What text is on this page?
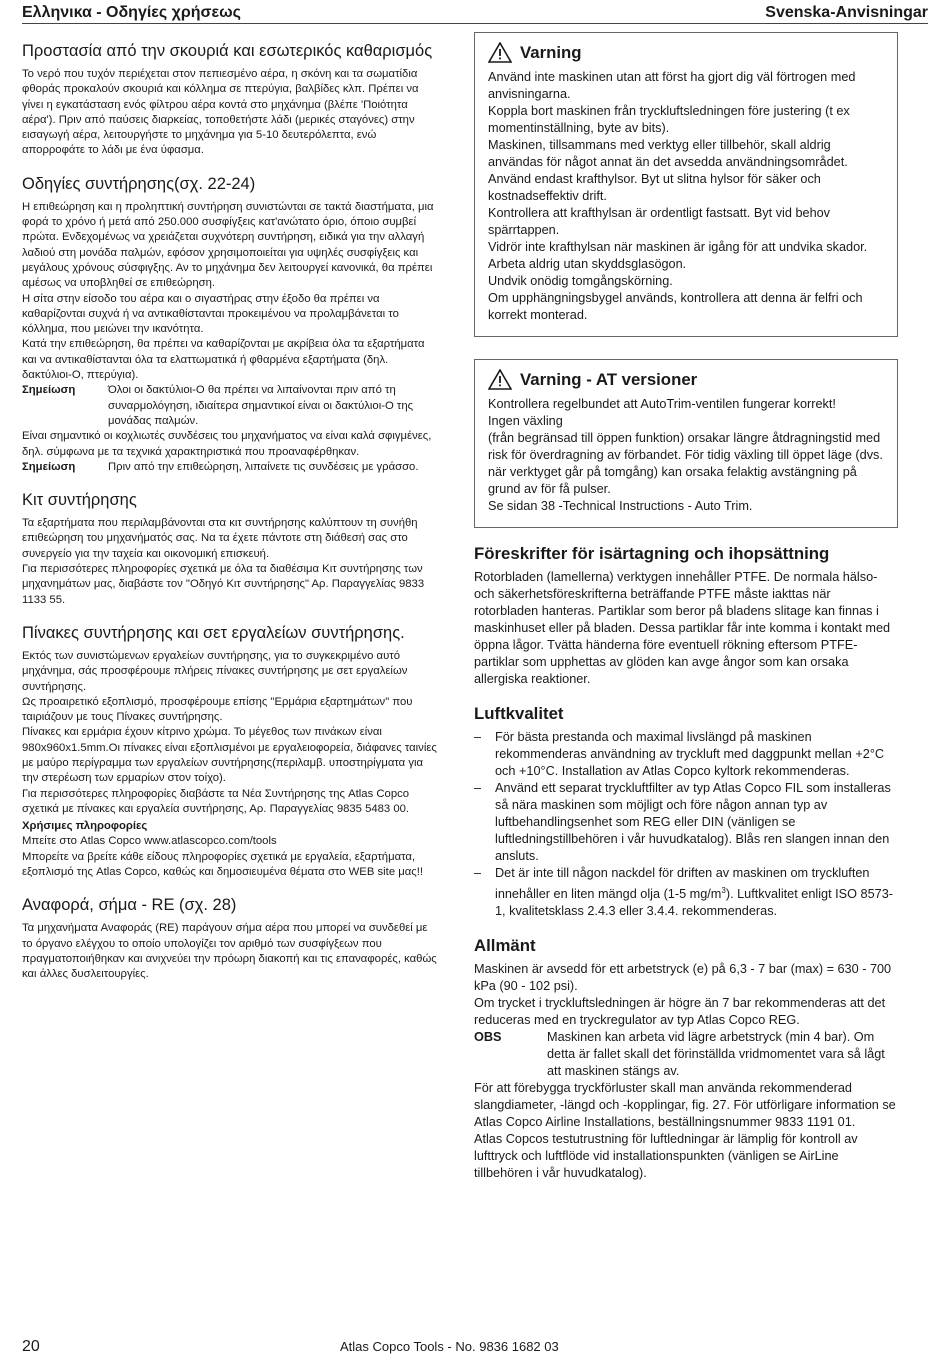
Ελληνικα - Οδηγίες χρήσεως	Svenska-Anvisningar
Προστασία από την σκουριά και εσωτερικός καθαρισμός

Το νερό που τυχόν περιέχεται στον πεπιεσμένο αέρα, η σκόνη και τα σωματίδια φθοράς προκαλούν σκουριά και κόλλημα σε πτερύγια, βαλβίδες κλπ. Πρέπει να γίνει η εγκατάσταση ενός φίλτρου αέρα κοντά στο μηχάνημα (βλέπε 'Ποιότητα αέρα'). Πριν από παύσεις διαρκείας, τοποθετήστε λάδι (μερικές σταγόνες) στην εισαγωγή αέρα, λειτουργήστε το μηχάνημα για 5-10 δευτερόλεπτα, ενώ απορροφάτε το λάδι με ένα ύφασμα.

Οδηγίες συντήρησης(σχ. 22-24)

Η επιθεώρηση και η προληπτική συντήρηση συνιστώνται σε τακτά διαστήματα, μια φορά το χρόνο ή μετά από 250.000 συσφίγξεις κατ'ανώτατο όριο, όποιο συμβεί πρώτα. Ενδεχομένως να χρειάζεται συχνότερη συντήρηση, ειδικά για την αλλαγή λαδιού στη μονάδα παλμών, εφόσον χρησιμοποιείται για υψηλές συσφίγξεις και μεγάλους χρόνους σύσφιγξης. Αν το μηχάνημα δεν λειτουργεί κανονικά, θα πρέπει αμέσως να υποβληθεί σε επιθεώρηση.

Η σίτα στην είσοδο του αέρα και ο σιγαστήρας στην έξοδο θα πρέπει να καθαρίζονται συχνά ή να αντικαθίστανται προκειμένου να προλαμβάνεται το κόλλημα, που μειώνει την ικανότητα.

Κατά την επιθεώρηση, θα πρέπει να καθαρίζονται με ακρίβεια όλα τα εξαρτήματα και να αντικαθίστανται όλα τα ελαττωματικά ή φθαρμένα εξαρτήματα (δηλ. δακτύλιοι-Ο, πτερύγια).

Σημείωση	Όλοι οι δακτύλιοι-Ο θα πρέπει να λιπαίνονται πριν από τη συναρμολόγηση, ιδιαίτερα σημαντικοί είναι οι δακτύλιοι-Ο της μονάδας παλμών.

Είναι σημαντικό οι κοχλιωτές συνδέσεις του μηχανήματος να είναι καλά σφιγμένες, δηλ. σύμφωνα με τα τεχνικά χαρακτηριστικά που προαναφέρθηκαν.

Σημείωση	Πριν από την επιθεώρηση, λιπαίνετε τις συνδέσεις με γράσσο.
Κιτ συντήρησης

Τα εξαρτήματα που περιλαμβάνονται στα κιτ συντήρησης καλύπτουν τη συνήθη επιθεώρηση του μηχανήματός σας. Να τα έχετε πάντοτε στη διάθεσή σας στο συνεργείο για την ταχεία και οικονομική επισκευή.

Για περισσότερες πληροφορίες σχετικά με όλα τα διαθέσιμα Κιτ συντήρησης των μηχανημάτων μας, διαβάστε τον "Οδηγό Κιτ συντήρησης" Αρ. Παραγγελίας 9833 1133 55.

Πίνακες συντήρησης και σετ εργαλείων συντήρησης.

Εκτός των συνιστώμενων εργαλείων συντήρησης, για το συγκεκριμένο αυτό μηχάνημα, σάς προσφέρουμε πλήρεις πίνακες συντήρησης με σετ εργαλείων συντήρησης.

Ως προαιρετικό εξοπλισμό, προσφέρουμε επίσης "Ερμάρια εξαρτημάτων" που ταιριάζουν με τους Πίνακες συντήρησης.

Πίνακες και ερμάρια έχουν κίτρινο χρώμα. Το μέγεθος των πινάκων είναι 980x960x1.5mm.Οι πίνακες είναι εξοπλισμένοι με εργαλειοφορεία, διάφανες ταινίες με μαύρο περίγραμμα των εργαλείων συντήρησης(περιλαμβ. υποστηρίγματα για την στερέωση των ερμαρίων στον τοίχο).

Για περισσότερες πληροφορίες διαβάστε τα Νέα Συντήρησης της Atlas Copco σχετικά με πίνακες και εργαλεία συντήρησης, Αρ. Παραγγελίας 9835 5483 00.

Χρήσιμες πληροφορίες

Μπείτε στο Atlas Copco www.atlascopco.com/tools

Μπορείτε να βρείτε κάθε είδους πληροφορίες σχετικά με εργαλεία, εξαρτήματα, εξοπλισμό της Atlas Copco, καθώς και δημοσιευμένα θέματα στο WEB site μας!!

Αναφορά, σήμα - RE (σχ. 28)

Τα μηχανήματα Αναφοράς (RE) παράγουν σήμα αέρα που μπορεί να συνδεθεί με το όργανο ελέγχου το οποίο υπολογίζει τον αριθμό των συσφίγξεων που πραγματοποιήθηκαν και ανιχνεύει την πρόωρη διακοπή και τις επαναφορές, καθώς και άλλες δυσλειτουργίες.

Varning

Använd inte maskinen utan att först ha gjort dig väl förtrogen med anvisningarna.

Koppla bort maskinen från tryckluftsledningen före justering (t ex momentinställning, byte av bits).

Maskinen, tillsammans med verktyg eller tillbehör, skall aldrig användas för något annat än det avsedda användningsområdet.

Använd endast krafthylsor. Byt ut slitna hylsor för säker och kostnadseffektiv drift.

Kontrollera att krafthylsan är ordentligt fastsatt. Byt vid behov spärrtappen.

Vidrör inte krafthylsan när maskinen är igång för att undvika skador.

Arbeta aldrig utan skyddsglasögon.

Undvik onödig tomgångskörning.

Om upphängningsbygel används, kontrollera att denna är felfri och korrekt monterad.

Varning - AT versioner

Kontrollera regelbundet att AutoTrim-ventilen fungerar korrekt!

Ingen växling

(från begränsad till öppen funktion) orsakar längre åtdragningstid med risk för överdragning av förbandet. För tidig växling till öppet läge (dvs. när verktyget går på tomgång) kan orsaka felaktig avstängning på grund av för få pulser.

Se sidan 38 -Technical Instructions - Auto Trim.

Föreskrifter för isärtagning och ihopsättning

Rotorbladen (lamellerna) verktygen innehåller PTFE. De normala hälso- och säkerhetsföreskrifterna beträffande PTFE måste iakttas när rotorbladen hanteras. Partiklar som beror på bladens slitage kan finnas i maskinhuset eller på bladen. Dessa partiklar får inte komma i kontakt med öppna lågor. Tvätta händerna före eventuell rökning eftersom PTFE-partiklar som upphettas av glöden kan avge ångor som kan orsaka allergiska reaktioner.

Luftkvalitet
– För bästa prestanda och maximal livslängd på maskinen rekommenderas användning av tryckluft med daggpunkt mellan +2°C och +10°C. Installation av Atlas Copco kyltork rekommenderas.
– Använd ett separat tryckluftfilter av typ Atlas Copco FIL som installeras så nära maskinen som möjligt och före någon annan typ av luftbehandlingsenhet som REG eller DIN (vänligen se luftledningstillbehören i vår huvudkatalog). Blås ren slangen innan den ansluts.
– Det är inte till någon nackdel för driften av maskinen om tryckluften innehåller en liten mängd olja (1-5 $mg/m^3$). Luftkvalitet enligt ISO 8573-1, kvalitetsklass 2.4.3 eller 3.4.4. rekommenderas.
Allmänt

Maskinen är avsedd för ett arbetstryck (e) på 6,3 - 7 bar (max) = 630 - 700 kPa (90 - 102 psi).

Om trycket i tryckluftsledningen är högre än 7 bar rekommenderas att det reduceras med en tryckregulator av typ Atlas Copco REG.

OBS	Maskinen kan arbeta vid lägre arbetstryck (min 4 bar). Om detta är fallet skall det förinställda vridmomentet vara så lågt att maskinen stängs av.

För att förebygga tryckförluster skall man använda rekommenderad slangdiameter, -längd och -kopplingar, fig. 27. För utförligare information se Atlas Copco Airline Installations, beställningsnummer 9833 1191 01.

Atlas Copcos testutrustning för luftledningar är lämplig för kontroll av lufttryck och luftflöde vid installationspunkten (vänligen se AirLine tillbehören i vår huvudkatalog).

20	Atlas Copco Tools - No. 9836 1682 03
